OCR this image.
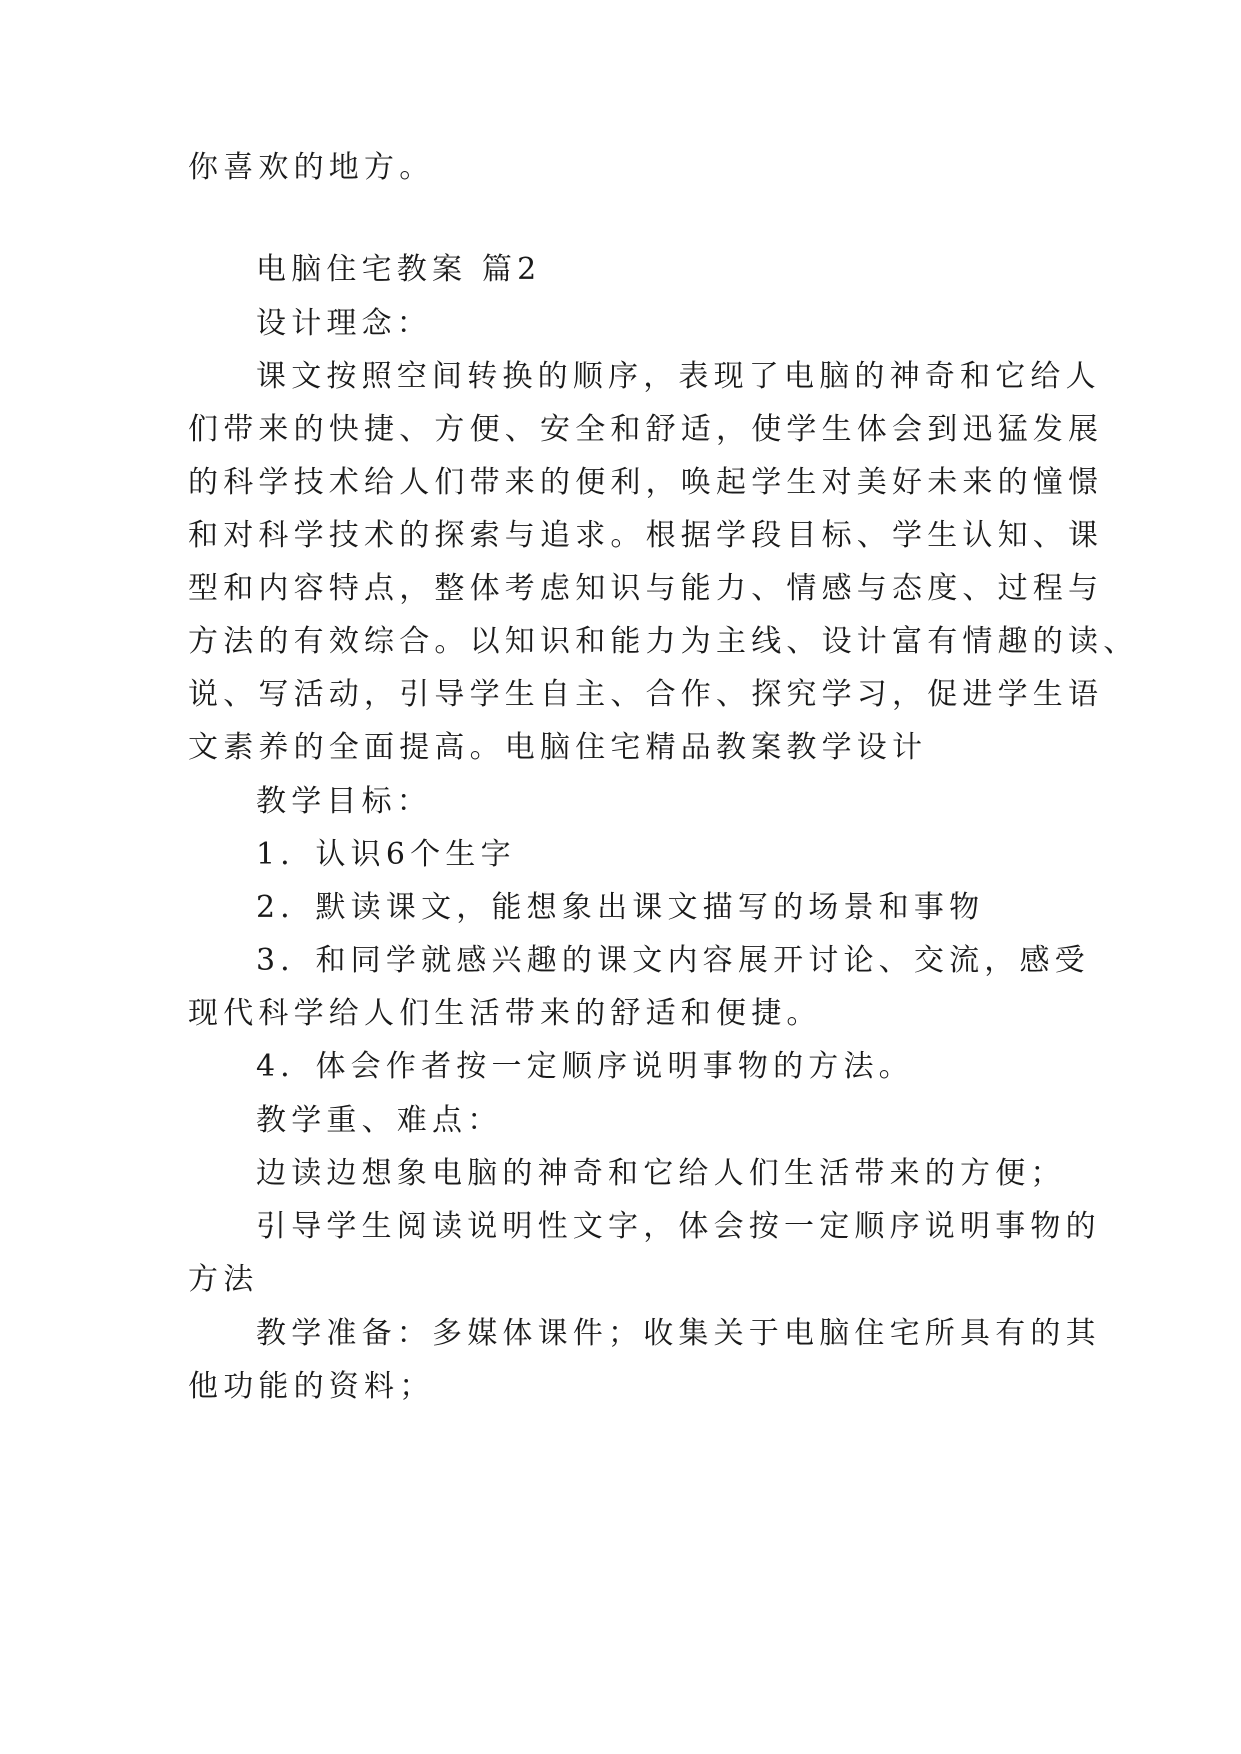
你喜欢的地方。
电脑住宅教案 篇2
设计理念：
课文按照空间转换的顺序，表现了电脑的神奇和它给人
们带来的快捷、方便、安全和舒适，使学生体会到迅猛发展
的科学技术给人们带来的便利，唤起学生对美好未来的憧憬
和对科学技术的探索与追求。根据学段目标、学生认知、课
型和内容特点，整体考虑知识与能力、情感与态度、过程与
方法的有效综合。以知识和能力为主线、设计富有情趣的读、
说、写活动，引导学生自主、合作、探究学习，促进学生语
文素养的全面提高。电脑住宅精品教案教学设计
教学目标：
1．认识6个生字
2．默读课文，能想象出课文描写的场景和事物
3．和同学就感兴趣的课文内容展开讨论、交流，感受
现代科学给人们生活带来的舒适和便捷。
4．体会作者按一定顺序说明事物的方法。
教学重、难点：
边读边想象电脑的神奇和它给人们生活带来的方便；
引导学生阅读说明性文字，体会按一定顺序说明事物的
方法
教学准备：多媒体课件；收集关于电脑住宅所具有的其
他功能的资料；
